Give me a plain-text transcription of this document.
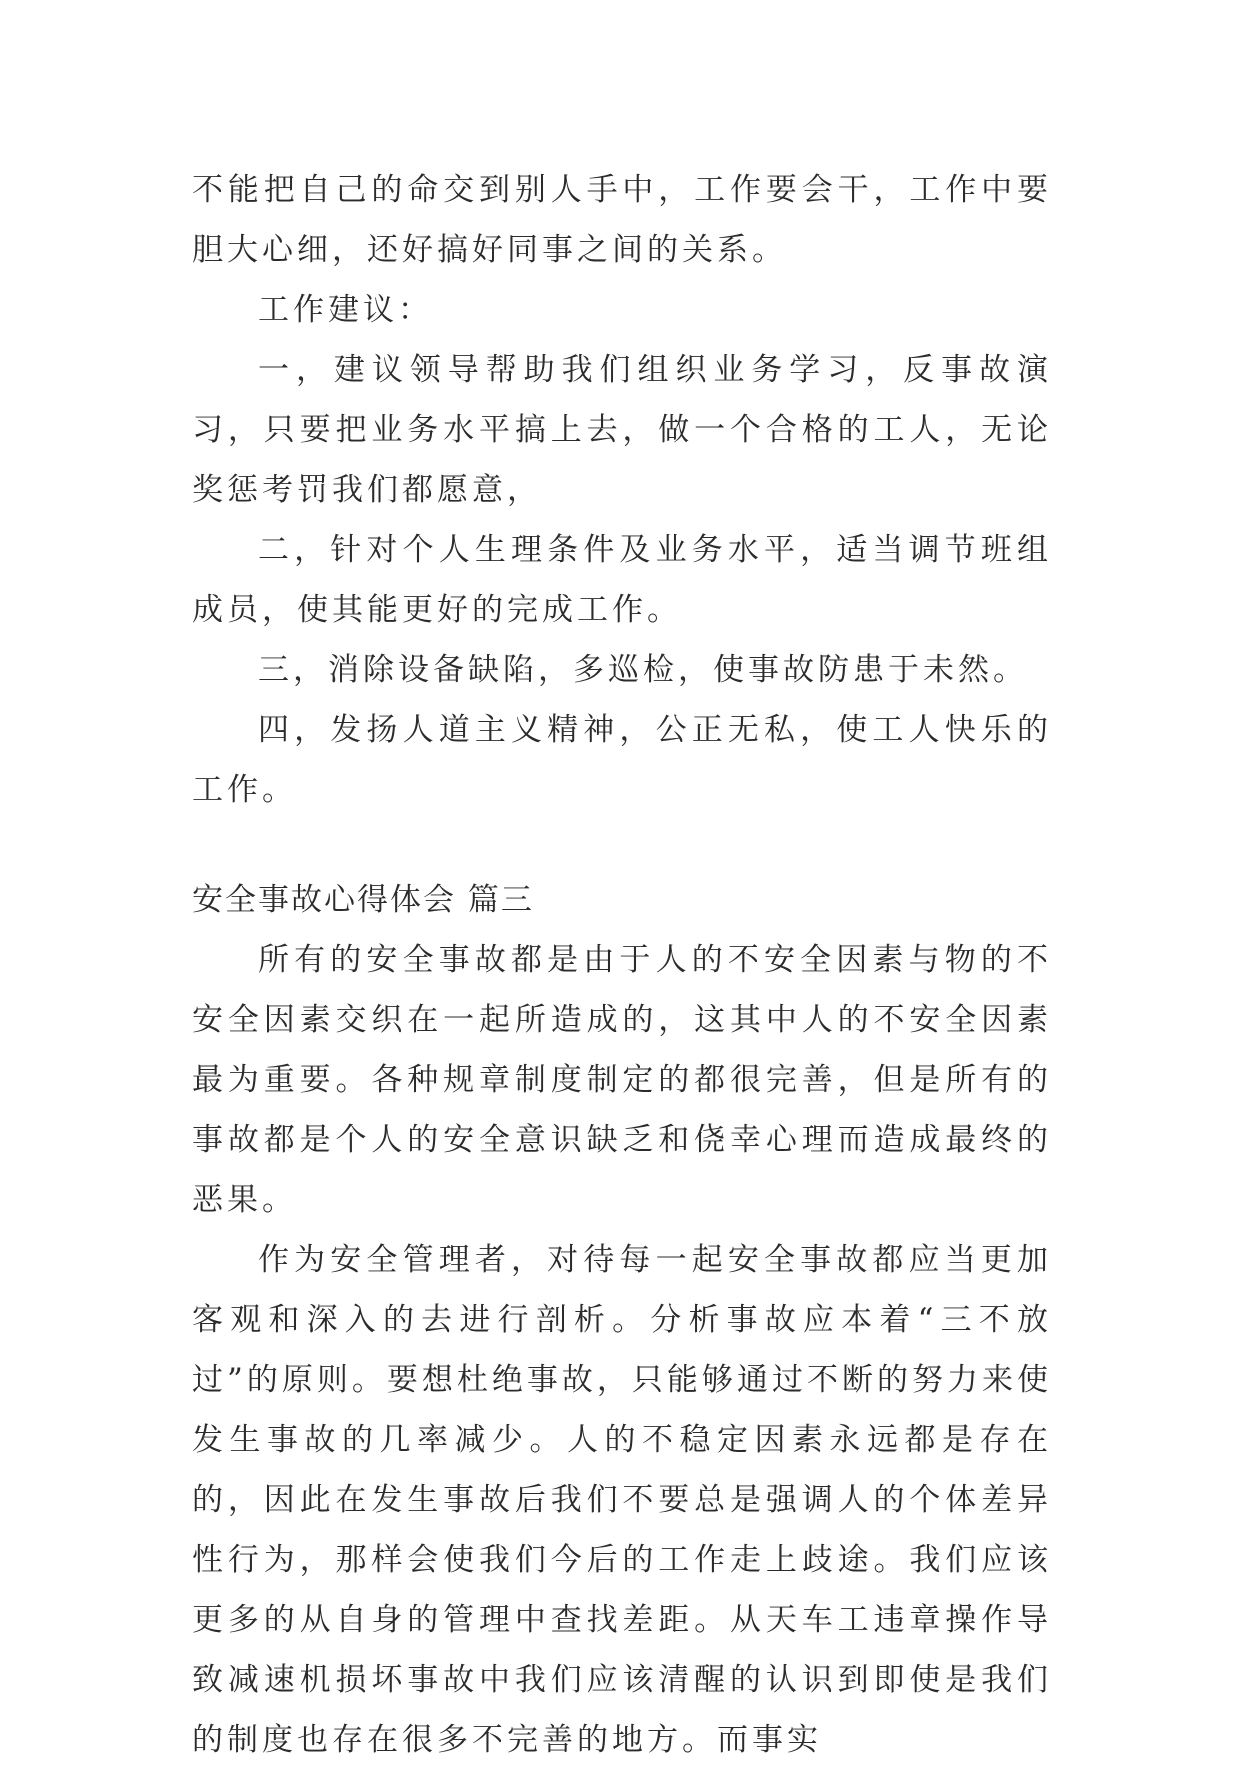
不能把自己的命交到别人手中，工作要会干，工作中要胆大心细，还好搞好同事之间的关系。

工作建议：

一，建议领导帮助我们组织业务学习，反事故演习，只要把业务水平搞上去，做一个合格的工人，无论奖惩考罚我们都愿意，

二，针对个人生理条件及业务水平，适当调节班组成员，使其能更好的完成工作。

三，消除设备缺陷，多巡检，使事故防患于未然。

四，发扬人道主义精神，公正无私，使工人快乐的工作。

安全事故心得体会 篇三

所有的安全事故都是由于人的不安全因素与物的不安全因素交织在一起所造成的，这其中人的不安全因素　最为重要。各种规章制度制定的都很完善，但是所有的事故都是个人的安全意识缺乏和侥幸心理而造成最终的恶果。

作为安全管理者，对待每一起安全事故都应当更加客观和深入的去进行剖析。分析事故应本着“三不放过”的原则。要想杜绝事故，只能够通过不断的努力来使发生事故的几率减少。人的不稳定因素永远都是存在的，因此在发生事故后我们不要总是强调人的个体差异性行为，那样会使我们今后的工作走上歧途。我们应该更多的从自身的管理中查找差距。从天车工违章操作导致减速机损坏事故中我们应该清醒的认识到即使是我们的制度也存在很多不完善的地方。而事实
